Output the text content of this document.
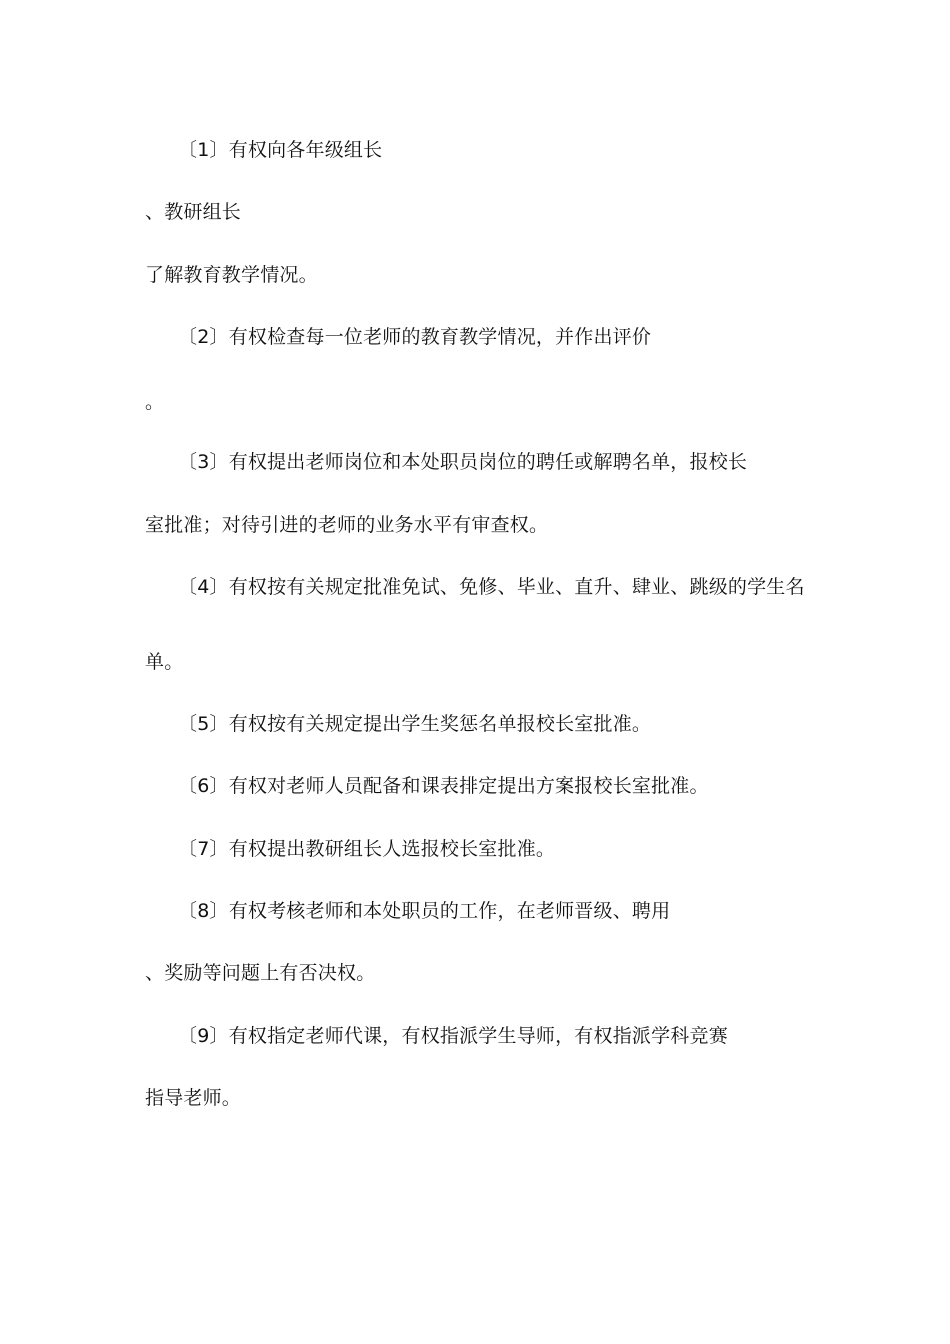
〔1〕有权向各年级组长
、教研组长
了解教育教学情况。
〔2〕有权检查每一位老师的教育教学情况，并作出评价
。
〔3〕有权提出老师岗位和本处职员岗位的聘任或解聘名单，报校长
室批准；对待引进的老师的业务水平有审查权。
〔4〕有权按有关规定批准免试、免修、毕业、直升、肆业、跳级的学生名
单。
〔5〕有权按有关规定提出学生奖惩名单报校长室批准。
〔6〕有权对老师人员配备和课表排定提出方案报校长室批准。
〔7〕有权提出教研组长人选报校长室批准。
〔8〕有权考核老师和本处职员的工作，在老师晋级、聘用
、奖励等问题上有否决权。
〔9〕有权指定老师代课，有权指派学生导师，有权指派学科竞赛
指导老师。
